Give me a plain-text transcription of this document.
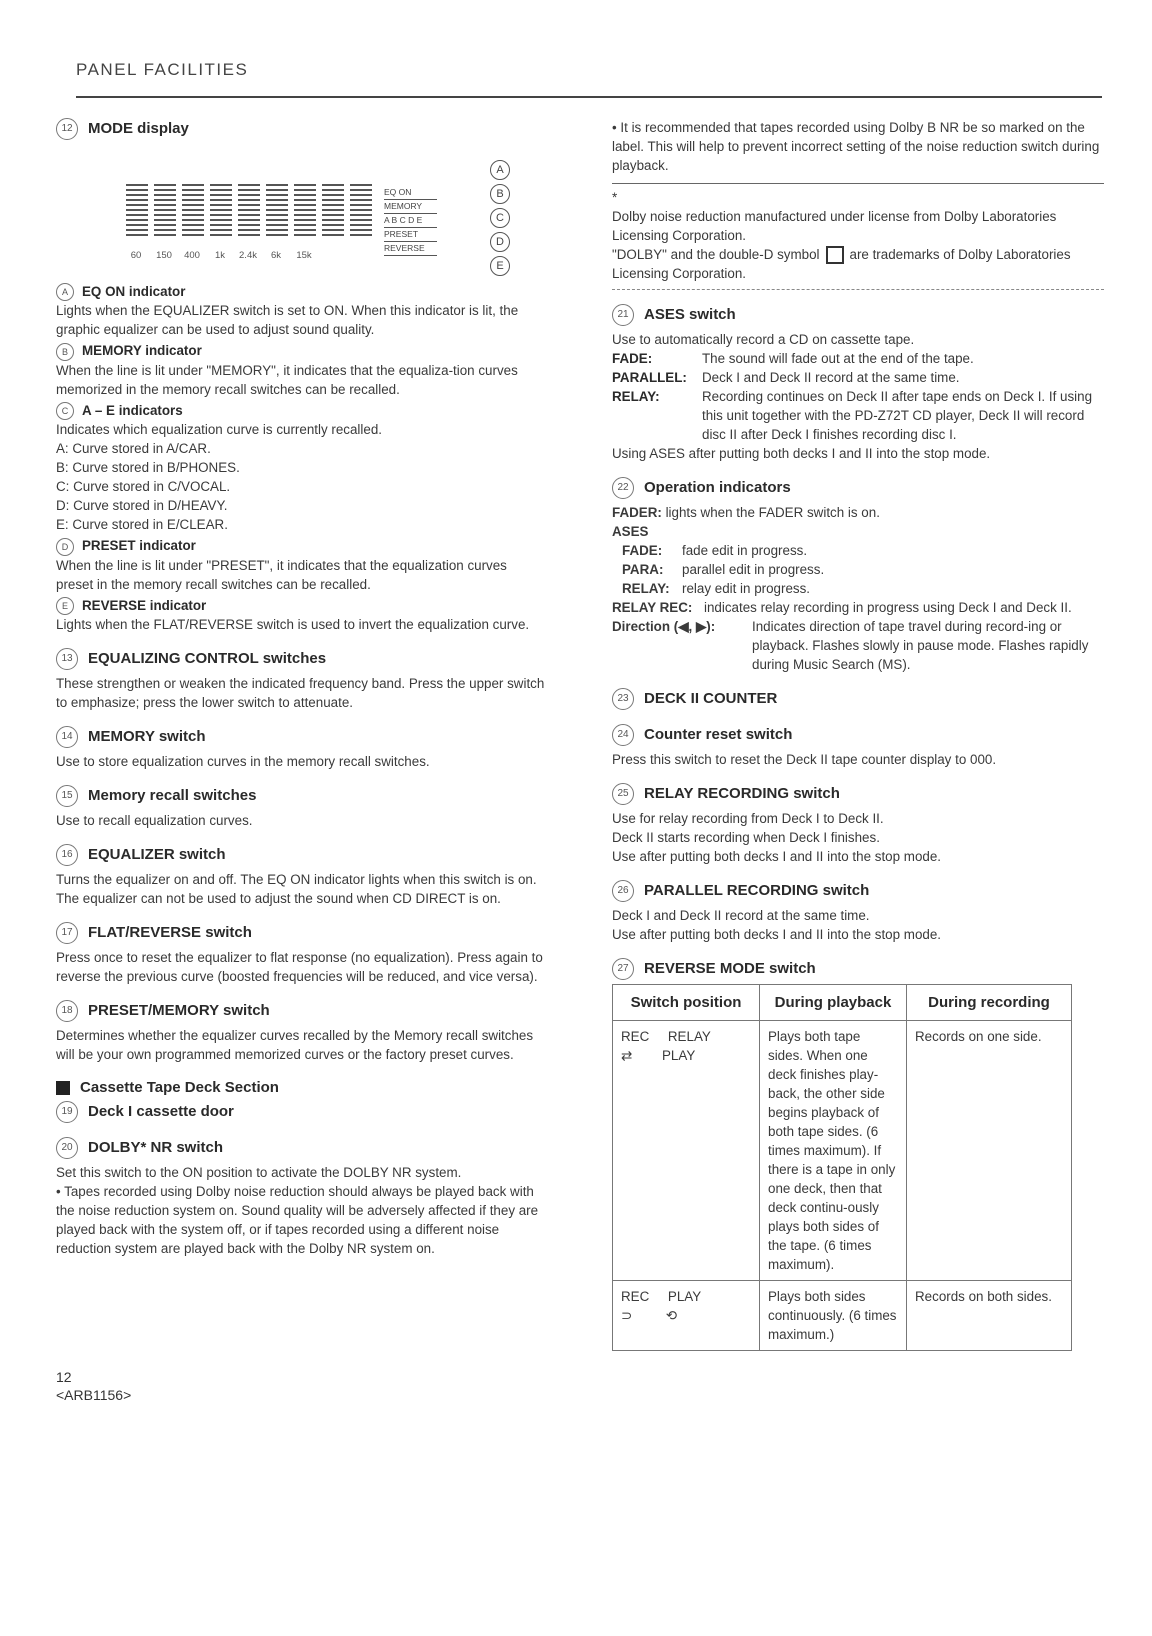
PANEL FACILITIES
12 MODE display
60	150	400	1k	2.4k	6k	15k
EQ ON
MEMORY
A B C D E
PRESET
REVERSE
A
B
C
D
E
A EQ ON indicator

Lights when the EQUALIZER switch is set to ON. When this indicator is lit, the graphic equalizer can be used to adjust sound quality.

B MEMORY indicator

When the line is lit under "MEMORY", it indicates that the equaliza-tion curves memorized in the memory recall switches can be recalled.

C A – E indicators

Indicates which equalization curve is currently recalled.

A: Curve stored in A/CAR.

B: Curve stored in B/PHONES.

C: Curve stored in C/VOCAL.

D: Curve stored in D/HEAVY.

E: Curve stored in E/CLEAR.

D PRESET indicator

When the line is lit under "PRESET", it indicates that the equalization curves preset in the memory recall switches can be recalled.

E REVERSE indicator

Lights when the FLAT/REVERSE switch is used to invert the equalization curve.

13 EQUALIZING CONTROL switches

These strengthen or weaken the indicated frequency band. Press the upper switch to emphasize; press the lower switch to attenuate.

14 MEMORY switch

Use to store equalization curves in the memory recall switches.

15 Memory recall switches

Use to recall equalization curves.

16 EQUALIZER switch

Turns the equalizer on and off. The EQ ON indicator lights when this switch is on.

The equalizer can not be used to adjust the sound when CD DIRECT is on.

17 FLAT/REVERSE switch

Press once to reset the equalizer to flat response (no equalization). Press again to reverse the previous curve (boosted frequencies will be reduced, and vice versa).

18 PRESET/MEMORY switch

Determines whether the equalizer curves recalled by the Memory recall switches will be your own programmed memorized curves or the factory preset curves.

Cassette Tape Deck Section
19 Deck I cassette door
20 DOLBY* NR switch

Set this switch to the ON position to activate the DOLBY NR system.

• Tapes recorded using Dolby noise reduction should always be played back with the noise reduction system on. Sound quality will be adversely affected if they are played back with the system off, or if tapes recorded using a different noise reduction system are played back with the Dolby NR system on.

12
<ARB1156>

• It is recommended that tapes recorded using Dolby B NR be so marked on the label. This will help to prevent incorrect setting of the noise reduction switch during playback.

*

Dolby noise reduction manufactured under license from Dolby Laboratories Licensing Corporation.

"DOLBY" and the double-D symbol are trademarks of Dolby Laboratories Licensing Corporation.

21 ASES switch

Use to automatically record a CD on cassette tape.

FADE:	The sound will fade out at the end of the tape.
PARALLEL:	Deck I and Deck II record at the same time.
RELAY:	Recording continues on Deck II after tape ends on Deck I. If using this unit together with the PD-Z72T CD player, Deck II will record disc II after Deck I finishes recording disc I.

Using ASES after putting both decks I and II into the stop mode.

22 Operation indicators

FADER: lights when the FADER switch is on.

ASES

FADE:	fade edit in progress.
PARA:	parallel edit in progress.
RELAY: relay edit in progress.
RELAY REC: indicates relay recording in progress using Deck I and Deck II.
Direction (◀, ▶):	Indicates direction of tape travel during record-ing or playback. Flashes slowly in pause mode. Flashes rapidly during Music Search (MS).
23 DECK II COUNTER
24 Counter reset switch

Press this switch to reset the Deck II tape counter display to 000.

25 RELAY RECORDING switch

Use for relay recording from Deck I to Deck II.

Deck II starts recording when Deck I finishes.

Use after putting both decks I and II into the stop mode.

26 PARALLEL RECORDING switch

Deck I and Deck II record at the same time.

Use after putting both decks I and II into the stop mode.

27 REVERSE MODE switch
Switch position	During playback	During recording
REC RELAY
⇄ PLAY	Plays both tape sides. When one deck finishes play-back, the other side begins playback of both tape sides. (6 times maximum). If there is a tape in only one deck, then that deck continu-ously plays both sides of the tape. (6 times maximum).	Records on one side.
REC PLAY
⊃ ⟲	Plays both sides continuously. (6 times maximum.)	Records on both sides.
